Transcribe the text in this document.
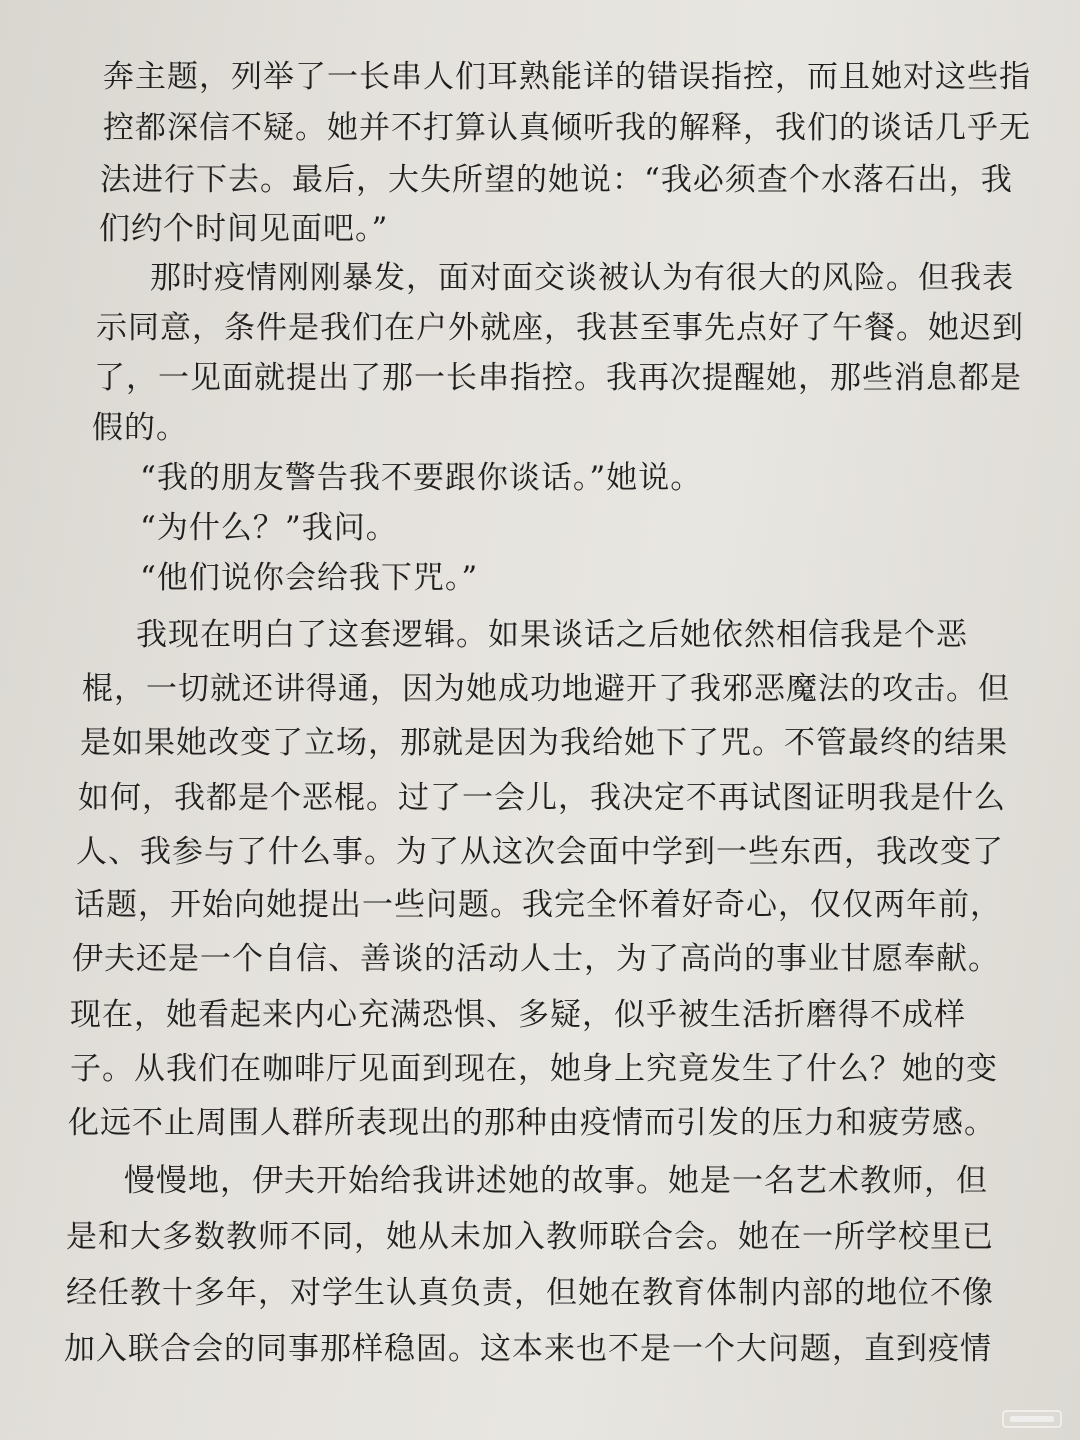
奔主题，列举了一长串人们耳熟能详的错误指控，而且她对这些指
控都深信不疑。她并不打算认真倾听我的解释，我们的谈话几乎无
法进行下去。最后，大失所望的她说：“我必须查个水落石出，我
们约个时间见面吧。”
那时疫情刚刚暴发，面对面交谈被认为有很大的风险。但我表
示同意，条件是我们在户外就座，我甚至事先点好了午餐。她迟到
了，一见面就提出了那一长串指控。我再次提醒她，那些消息都是
假的。
“我的朋友警告我不要跟你谈话。”她说。
“为什么？”我问。
“他们说你会给我下咒。”
我现在明白了这套逻辑。如果谈话之后她依然相信我是个恶
棍，一切就还讲得通，因为她成功地避开了我邪恶魔法的攻击。但
是如果她改变了立场，那就是因为我给她下了咒。不管最终的结果
如何，我都是个恶棍。过了一会儿，我决定不再试图证明我是什么
人、我参与了什么事。为了从这次会面中学到一些东西，我改变了
话题，开始向她提出一些问题。我完全怀着好奇心，仅仅两年前，
伊夫还是一个自信、善谈的活动人士，为了高尚的事业甘愿奉献。
现在，她看起来内心充满恐惧、多疑，似乎被生活折磨得不成样
子。从我们在咖啡厅见面到现在，她身上究竟发生了什么？她的变
化远不止周围人群所表现出的那种由疫情而引发的压力和疲劳感。
慢慢地，伊夫开始给我讲述她的故事。她是一名艺术教师，但
是和大多数教师不同，她从未加入教师联合会。她在一所学校里已
经任教十多年，对学生认真负责，但她在教育体制内部的地位不像
加入联合会的同事那样稳固。这本来也不是一个大问题，直到疫情
